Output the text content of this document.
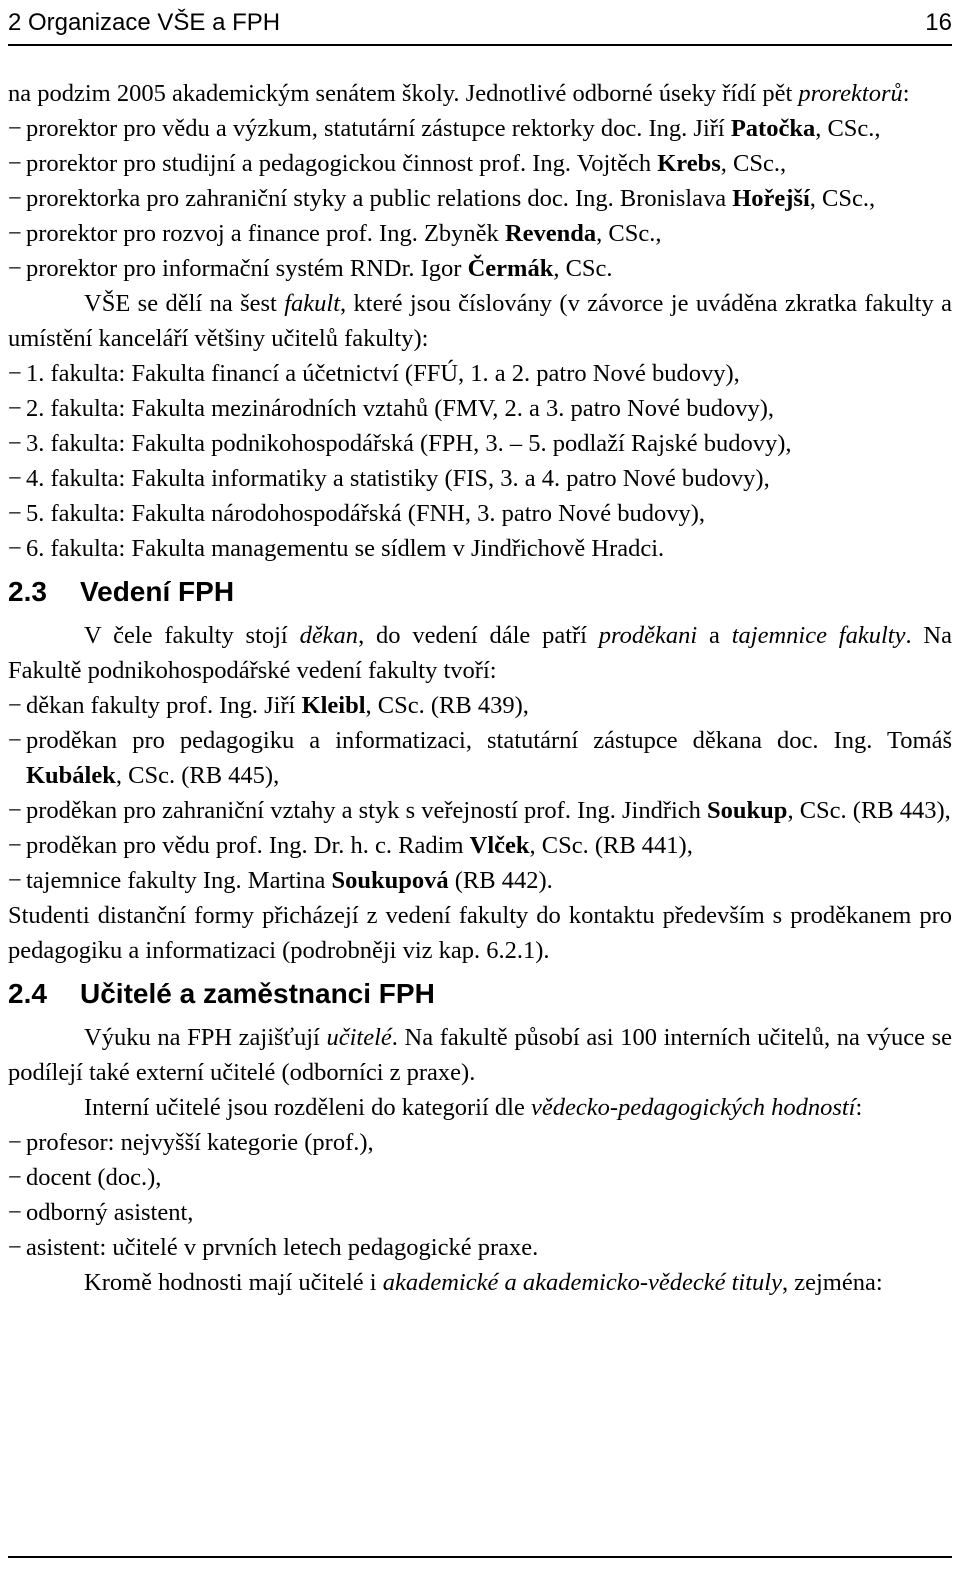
2 Organizace VŠE a FPH	16

na podzim 2005 akademickým senátem školy. Jednotlivé odborné úseky řídí pět prorektorů:

− prorektor pro vědu a výzkum, statutární zástupce rektorky doc. Ing. Jiří Patočka, CSc.,
− prorektor pro studijní a pedagogickou činnost prof. Ing. Vojtěch Krebs, CSc.,
− prorektorka pro zahraniční styky a public relations doc. Ing. Bronislava Hořejší, CSc.,
− prorektor pro rozvoj a finance prof. Ing. Zbyněk Revenda, CSc.,
− prorektor pro informační systém RNDr. Igor Čermák, CSc.

VŠE se dělí na šest fakult, které jsou číslovány (v závorce je uváděna zkratka fakulty a umístění kanceláří většiny učitelů fakulty):

− 1. fakulta: Fakulta financí a účetnictví (FFÚ, 1. a 2. patro Nové budovy),
− 2. fakulta: Fakulta mezinárodních vztahů (FMV, 2. a 3. patro Nové budovy),
− 3. fakulta: Fakulta podnikohospodářská (FPH, 3. – 5. podlaží Rajské budovy),
− 4. fakulta: Fakulta informatiky a statistiky (FIS, 3. a 4. patro Nové budovy),
− 5. fakulta: Fakulta národohospodářská (FNH, 3. patro Nové budovy),
− 6. fakulta: Fakulta managementu se sídlem v Jindřichově Hradci.
2.3 Vedení FPH

V čele fakulty stojí děkan, do vedení dále patří proděkani a tajemnice fakulty. Na Fakultě podnikohospodářské vedení fakulty tvoří:

− děkan fakulty prof. Ing. Jiří Kleibl, CSc. (RB 439),
− proděkan pro pedagogiku a informatizaci, statutární zástupce děkana doc. Ing. Tomáš Kubálek, CSc. (RB 445),
− proděkan pro zahraniční vztahy a styk s veřejností prof. Ing. Jindřich Soukup, CSc. (RB 443),
− proděkan pro vědu prof. Ing. Dr. h. c. Radim Vlček, CSc. (RB 441),
− tajemnice fakulty Ing. Martina Soukupová (RB 442).

Studenti distanční formy přicházejí z vedení fakulty do kontaktu především s proděkanem pro pedagogiku a informatizaci (podrobněji viz kap. 6.2.1).

2.4 Učitelé a zaměstnanci FPH

Výuku na FPH zajišťují učitelé. Na fakultě působí asi 100 interních učitelů, na výuce se podílejí také externí učitelé (odborníci z praxe).

Interní učitelé jsou rozděleni do kategorií dle vědecko-pedagogických hodností:

− profesor: nejvyšší kategorie (prof.),
− docent (doc.),
− odborný asistent,
− asistent: učitelé v prvních letech pedagogické praxe.

Kromě hodnosti mají učitelé i akademické a akademicko-vědecké tituly, zejména:
